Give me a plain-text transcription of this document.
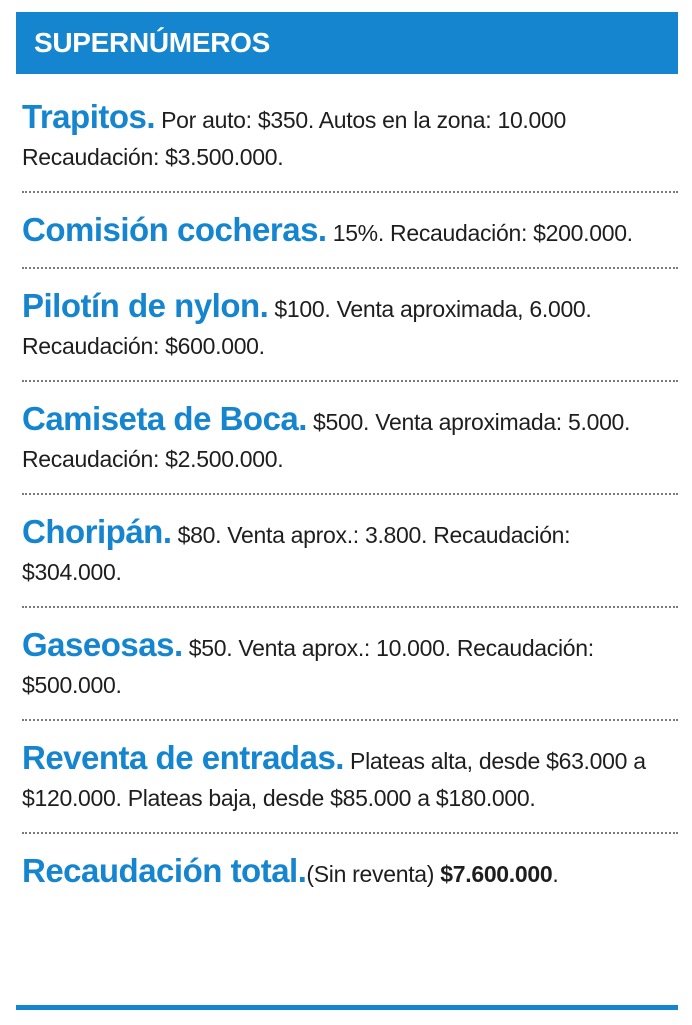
SUPERNÚMEROS
Trapitos. Por auto: $350. Autos en la zona: 10.000 Recaudación: $3.500.000.
Comisión cocheras. 15%. Recaudación: $200.000.
Pilotín de nylon. $100. Venta aproximada, 6.000. Recaudación: $600.000.
Camiseta de Boca. $500. Venta aproximada: 5.000. Recaudación: $2.500.000.
Choripán. $80. Venta aprox.: 3.800. Recaudación: $304.000.
Gaseosas. $50. Venta aprox.: 10.000. Recaudación: $500.000.
Reventa de entradas. Plateas alta, desde $63.000 a $120.000. Plateas baja, desde $85.000 a $180.000.
Recaudación total.(Sin reventa) $7.600.000.
